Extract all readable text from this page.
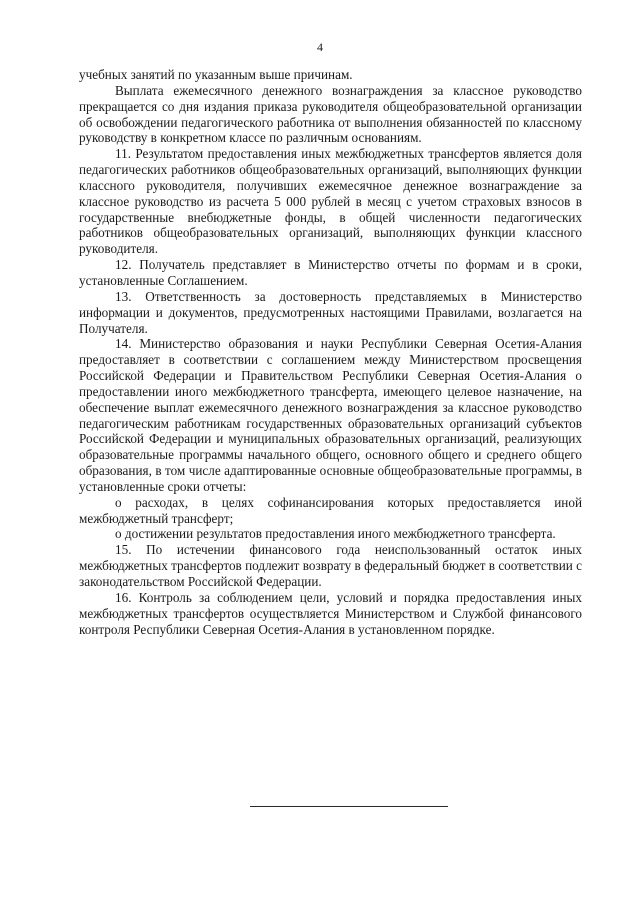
4

учебных занятий по указанным выше причинам.

Выплата ежемесячного денежного вознаграждения за классное руководство прекращается со дня издания приказа руководителя общеобразовательной организации об освобождении педагогического работника от выполнения обязанностей по классному руководству в конкретном классе по различным основаниям.

11. Результатом предоставления иных межбюджетных трансфертов является доля педагогических работников общеобразовательных организаций, выполняющих функции классного руководителя, получивших ежемесячное денежное вознаграждение за классное руководство из расчета 5 000 рублей в месяц с учетом страховых взносов в государственные внебюджетные фонды, в общей численности педагогических работников общеобразовательных организаций, выполняющих функции классного руководителя.

12. Получатель представляет в Министерство отчеты по формам и в сроки, установленные Соглашением.

13. Ответственность за достоверность представляемых в Министерство информации и документов, предусмотренных настоящими Правилами, возлагается на Получателя.

14. Министерство образования и науки Республики Северная Осетия-Алания предоставляет в соответствии с соглашением между Министерством просвещения Российской Федерации и Правительством Республики Северная Осетия-Алания о предоставлении иного межбюджетного трансферта, имеющего целевое назначение, на обеспечение выплат ежемесячного денежного вознаграждения за классное руководство педагогическим работникам государственных образовательных организаций субъектов Российской Федерации и муниципальных образовательных организаций, реализующих образовательные программы начального общего, основного общего и среднего общего образования, в том числе адаптированные основные общеобразовательные программы, в установленные сроки отчеты:

о расходах, в целях софинансирования которых предоставляется иной межбюджетный трансферт;

о достижении результатов предоставления иного межбюджетного трансферта.

15. По истечении финансового года неиспользованный остаток иных межбюджетных трансфертов подлежит возврату в федеральный бюджет в соответствии с законодательством Российской Федерации.

16. Контроль за соблюдением цели, условий и порядка предоставления иных межбюджетных трансфертов осуществляется Министерством и Службой финансового контроля Республики Северная Осетия-Алания в установленном порядке.
